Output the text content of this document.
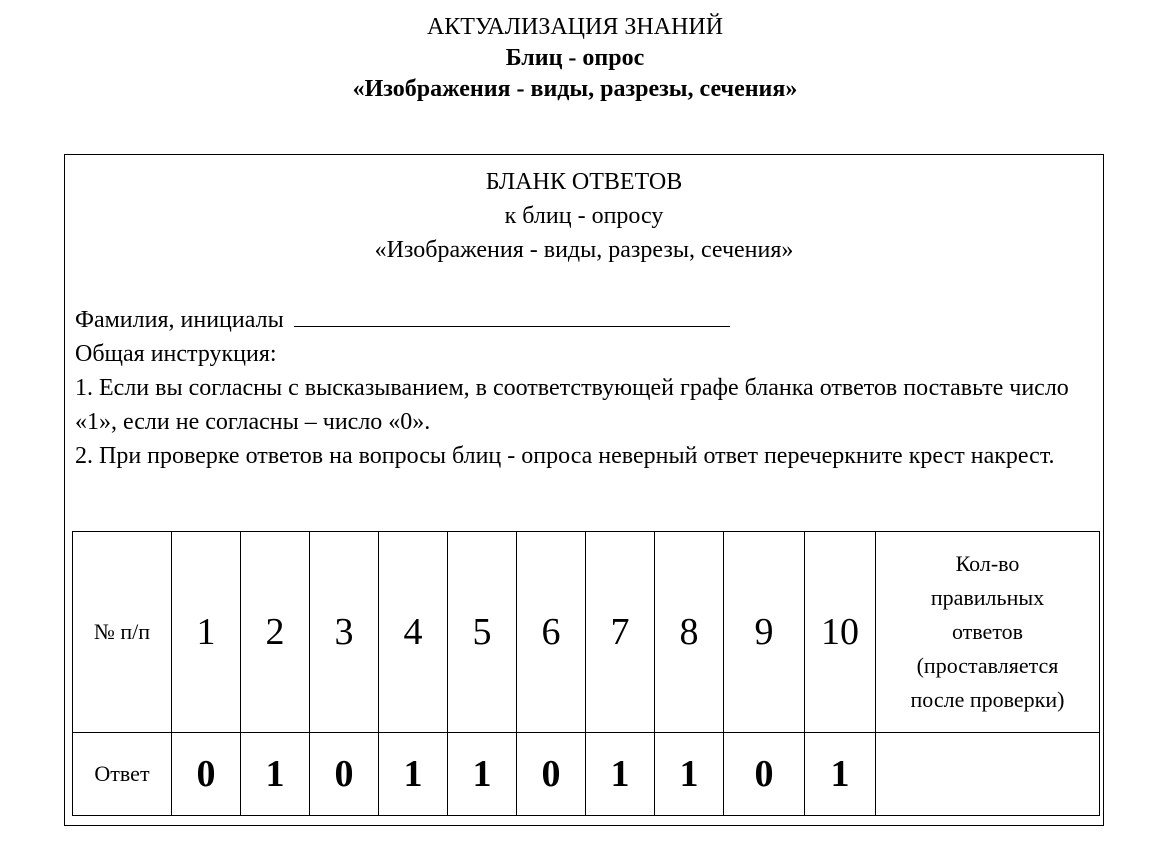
АКТУАЛИЗАЦИЯ ЗНАНИЙ
Блиц - опрос
«Изображения - виды, разрезы, сечения»
БЛАНК ОТВЕТОВ
к блиц - опросу
«Изображения - виды, разрезы, сечения»

Фамилия, инициалы

Общая инструкция:

1. Если вы согласны с высказыванием, в соответствующей графе бланка ответов поставьте число «1», если не согласны – число «0».

2. При проверке ответов на вопросы блиц - опроса неверный ответ перечеркните крест накрест.

№ п/п	1	2	3	4	5	6	7	8	9	10	Кол-во
правильных
ответов
(проставляется
после проверки)

Ответ	0	1	0	1	1	0	1	1	0	1	
